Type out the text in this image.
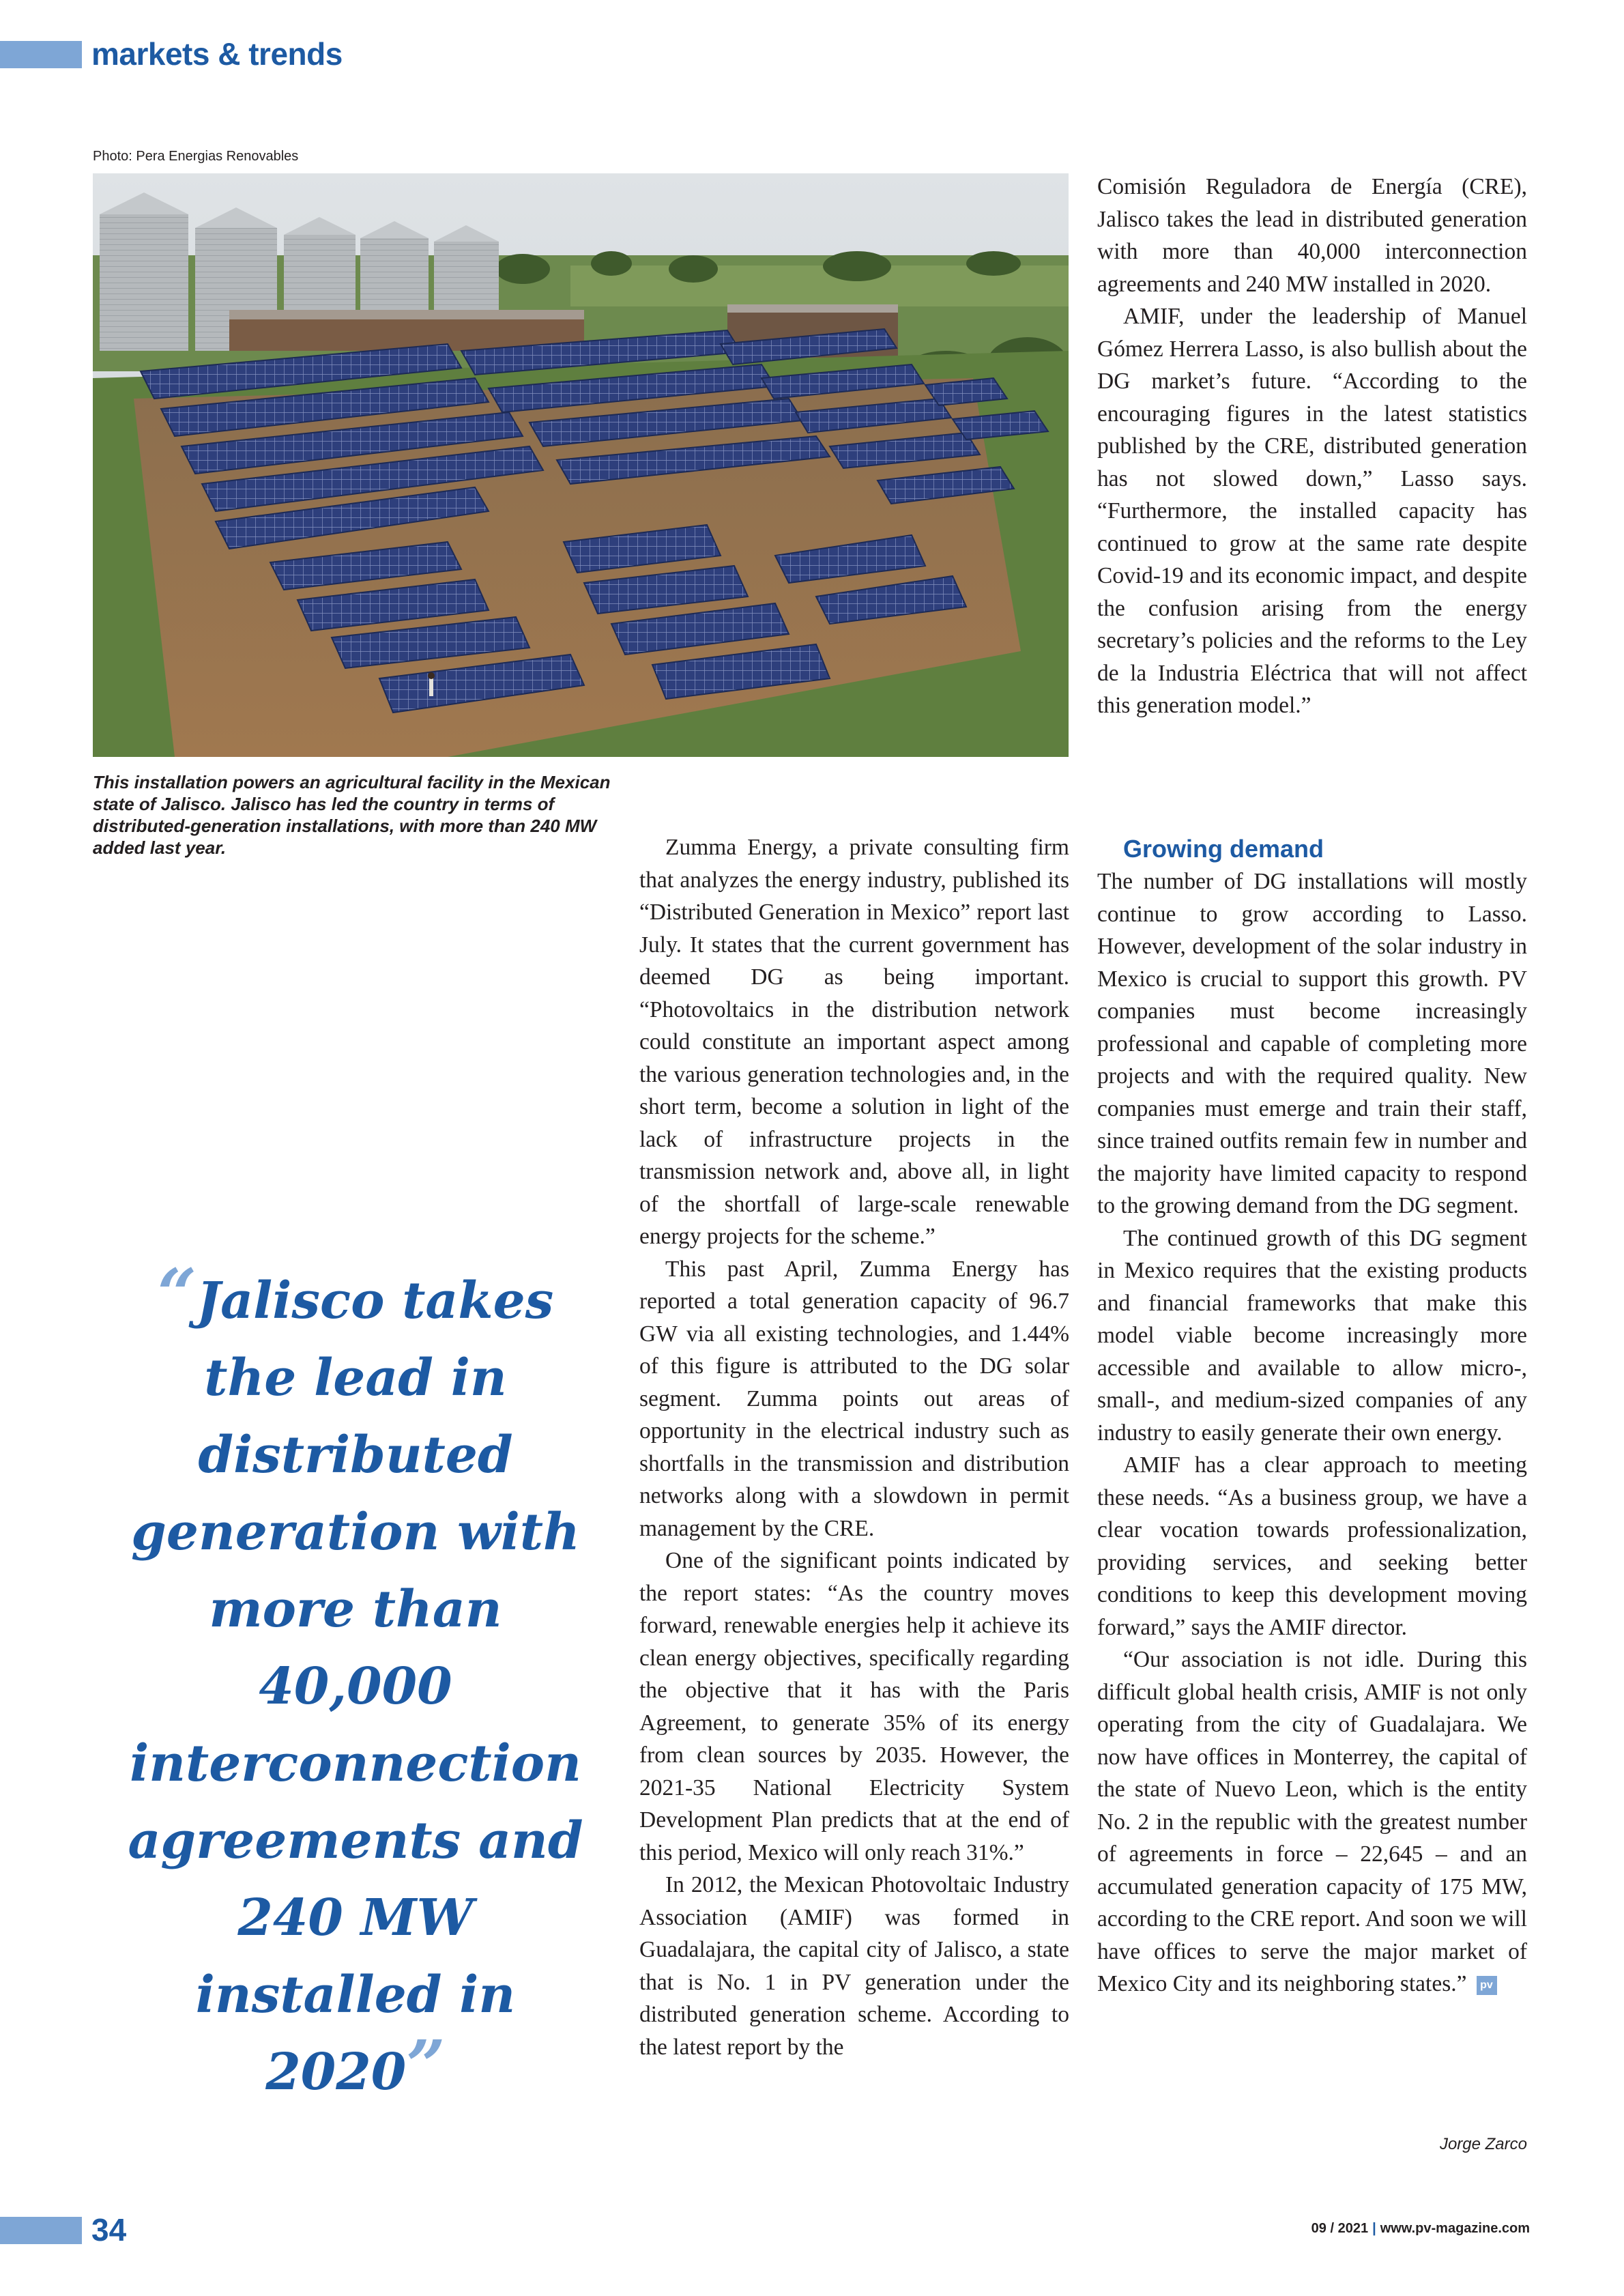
markets & trends
Photo: Pera Energias Renovables
This installation powers an agricultural facility in the Mexican state of Jalisco. Jalisco has led the country in terms of distributed-generation installations, with more than 240 MW added last year.
“Jalisco takes the lead in distributed generation with more than 40,000 interconnection agreements and 240 MW installed in 2020”

Zumma Energy, a private consulting firm that analyzes the energy industry, published its “Distributed Generation in Mexico” report last July. It states that the current government has deemed DG as being important. “Photovoltaics in the distribution network could constitute an important aspect among the various generation technologies and, in the short term, become a solution in light of the lack of infrastructure projects in the transmission network and, above all, in light of the shortfall of large-scale renewable energy projects for the scheme.”

This past April, Zumma Energy has reported a total generation capacity of 96.7 GW via all existing technologies, and 1.44% of this figure is attributed to the DG solar segment. Zumma points out areas of opportunity in the electrical industry such as shortfalls in the transmission and distribution networks along with a slowdown in permit management by the CRE.

One of the significant points indicated by the report states: “As the country moves forward, renewable energies help it achieve its clean energy objectives, specifically regarding the objective that it has with the Paris Agreement, to generate 35% of its energy from clean sources by 2035. However, the 2021-35 National Electricity System Development Plan predicts that at the end of this period, Mexico will only reach 31%.”

In 2012, the Mexican Photovoltaic Industry Association (AMIF) was formed in Guadalajara, the capital city of Jalisco, a state that is No. 1 in PV generation under the distributed generation scheme. According to the latest report by the

Comisión Reguladora de Energía (CRE), Jalisco takes the lead in distributed generation with more than 40,000 interconnection agreements and 240 MW installed in 2020.

AMIF, under the leadership of Manuel Gómez Herrera Lasso, is also bullish about the DG market’s future. “According to the encouraging figures in the latest statistics published by the CRE, distributed generation has not slowed down,” Lasso says. “Furthermore, the installed capacity has continued to grow at the same rate despite Covid-19 and its economic impact, and despite the confusion arising from the energy secretary’s policies and the reforms to the Ley de la Industria Eléctrica that will not affect this generation model.”

Growing demand

The number of DG installations will mostly continue to grow according to Lasso. However, development of the solar industry in Mexico is crucial to support this growth. PV companies must become increasingly professional and capable of completing more projects and with the required quality. New companies must emerge and train their staff, since trained outfits remain few in number and the majority have limited capacity to respond to the growing demand from the DG segment.

The continued growth of this DG segment in Mexico requires that the existing products and financial frameworks that make this model viable become increasingly more accessible and available to allow micro-, small-, and medium-sized companies of any industry to easily generate their own energy.

AMIF has a clear approach to meeting these needs. “As a business group, we have a clear vocation towards professionalization, providing services, and seeking better conditions to keep this development moving forward,” says the AMIF director.

“Our association is not idle. During this difficult global health crisis, AMIF is not only operating from the city of Guadalajara. We now have offices in Monterrey, the capital of the state of Nuevo Leon, which is the entity No. 2 in the republic with the greatest number of agreements in force – 22,645 – and an accumulated generation capacity of 175 MW, according to the CRE report. And soon we will have offices to serve the major market of Mexico City and its neighboring states.” pv

Jorge Zarco
34	09 / 2021 | www.pv-magazine.com
